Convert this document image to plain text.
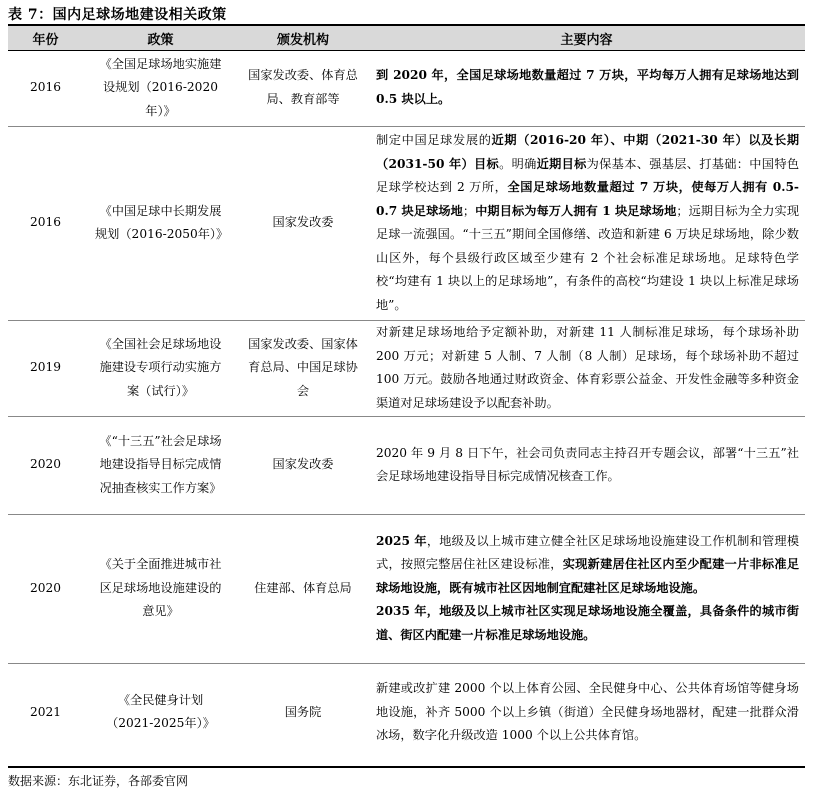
表 7：国内足球场地建设相关政策
年份	政策	颁发机构	主要内容
2016	《全国足球场地实施建设规划（2016-2020年）》	国家发改委、体育总局、教育部等	到 2020 年，全国足球场地数量超过 7 万块，平均每万人拥有足球场地达到 0.5 块以上。
2016	《中国足球中长期发展规划（2016-2050年）》	国家发改委	制定中国足球发展的近期（2016-20 年）、中期（2021-30 年）以及长期（2031-50 年）目标。明确近期目标为保基本、强基层、打基础：中国特色足球学校达到 2 万所，全国足球场地数量超过 7 万块，使每万人拥有 0.5-0.7 块足球场地；中期目标为每万人拥有 1 块足球场地；远期目标为全力实现足球一流强国。“十三五”期间全国修缮、改造和新建 6 万块足球场地，除少数山区外，每个县级行政区域至少建有 2 个社会标准足球场地。足球特色学校“均建有 1 块以上的足球场地”，有条件的高校“均建设 1 块以上标准足球场地”。
2019	《全国社会足球场地设施建设专项行动实施方案（试行）》	国家发改委、国家体育总局、中国足球协会	对新建足球场地给予定额补助，对新建 11 人制标准足球场，每个球场补助 200 万元；对新建 5 人制、7 人制（8 人制）足球场，每个球场补助不超过 100 万元。鼓励各地通过财政资金、体育彩票公益金、开发性金融等多种资金渠道对足球场建设予以配套补助。
2020	《“十三五”社会足球场地建设指导目标完成情况抽查核实工作方案》	国家发改委	2020 年 9 月 8 日下午，社会司负责同志主持召开专题会议，部署“十三五”社会足球场地建设指导目标完成情况核查工作。
2020	《关于全面推进城市社区足球场地设施建设的意见》	住建部、体育总局	2025 年，地级及以上城市建立健全社区足球场地设施建设工作机制和管理模式，按照完整居住社区建设标准，实现新建居住社区内至少配建一片非标准足球场地设施，既有城市社区因地制宜配建社区足球场地设施。
2035 年，地级及以上城市社区实现足球场地设施全覆盖，具备条件的城市街道、街区内配建一片标准足球场地设施。

2021	《全民健身计划（2021-2025年）》	国务院	新建或改扩建 2000 个以上体育公园、全民健身中心、公共体育场馆等健身场地设施，补齐 5000 个以上乡镇（街道）全民健身场地器材，配建一批群众滑冰场，数字化升级改造 1000 个以上公共体育馆。
数据来源：东北证券，各部委官网
